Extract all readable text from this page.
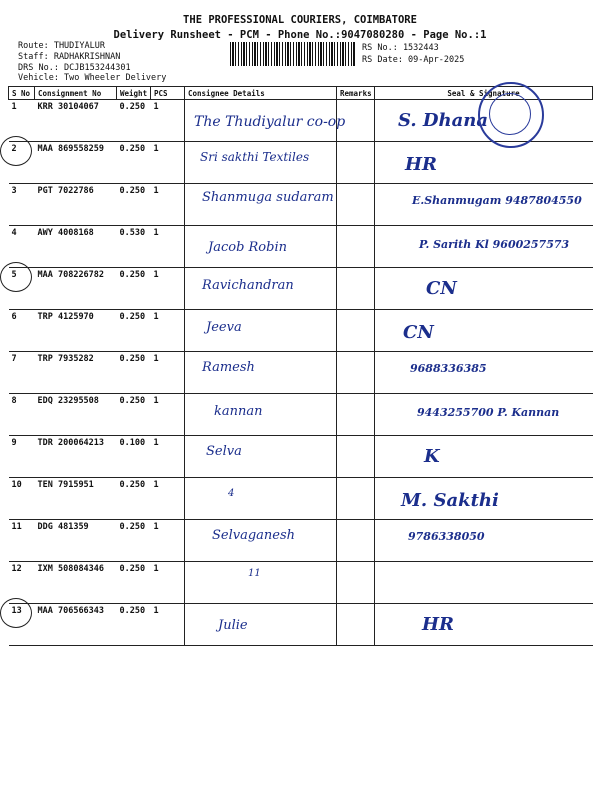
THE PROFESSIONAL COURIERS, COIMBATORE
Delivery Runsheet - PCM - Phone No.:9047080280 - Page No.:1
Route: THUDIYALUR
Staff: RADHAKRISHNAN
DRS No.: DCJB153244301
RS No.: 1532443
RS Date: 09-Apr-2025
Vehicle: Two Wheeler Delivery
S No	Consignment No	Weight	PCS	Consignee Details	Remarks	Seal & Signature
1	KRR 30104067	0.250	1	The Thudiyalur co-op		S. Dhana

2	MAA 869558259	0.250	1	Sri sakthi Textiles		HR

3	PGT 7022786	0.250	1	Shanmuga sudaram		E.Shanmugam 9487804550

4	AWY 4008168	0.530	1	Jacob Robin		P. Sarith Kl 9600257573

5	MAA 708226782	0.250	1	Ravichandran		CN

6	TRP 4125970	0.250	1	Jeeva		CN

7	TRP 7935282	0.250	1	Ramesh		9688336385

8	EDQ 23295508	0.250	1	kannan		9443255700 P. Kannan

9	TDR 200064213	0.100	1	Selva		K

10	TEN 7915951	0.250	1	4		M. Sakthi

11	DDG 481359	0.250	1	Selvaganesh		9786338050

12	IXM 508084346	0.250	1	11		

13	MAA 706566343	0.250	1	Julie		HR
